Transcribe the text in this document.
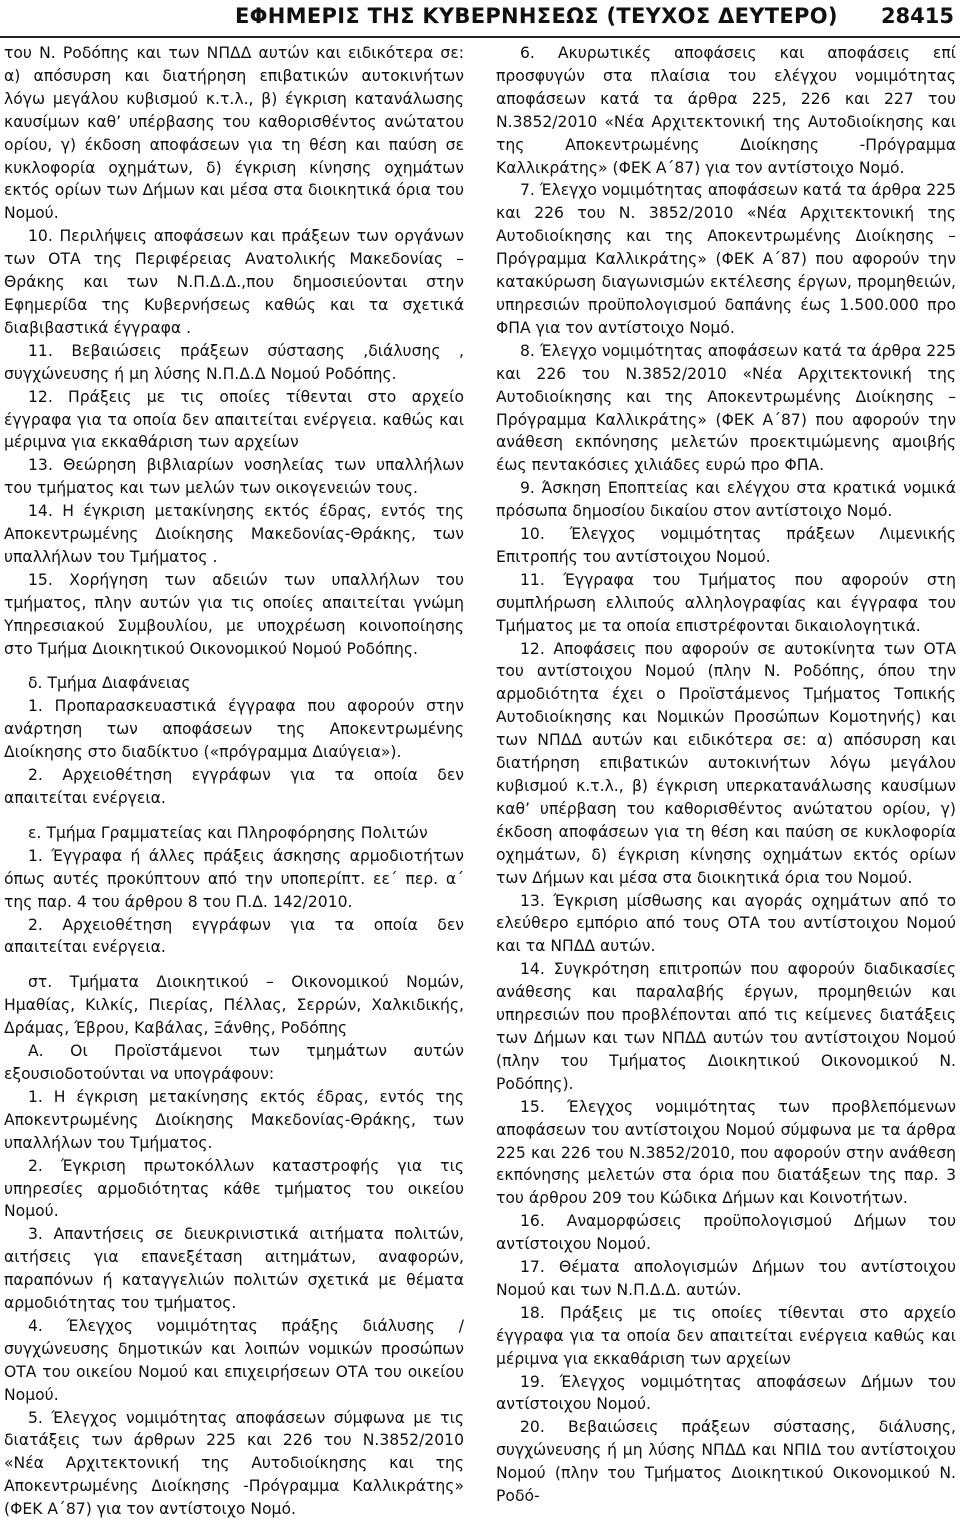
ΕΦΗΜΕΡΙΣ ΤΗΣ ΚΥΒΕΡΝΗΣΕΩΣ (ΤΕΥΧΟΣ ΔΕΥΤΕΡΟ) 28415

του Ν. Ροδόπης και των ΝΠΔΔ αυτών και ειδικότερα σε: α) απόσυρση και διατήρηση επιβατικών αυτοκινήτων λόγω μεγάλου κυβισμού κ.τ.λ., β) έγκριση κατανάλωσης καυσίμων καθ’ υπέρβασης του καθορισθέντος ανώτατου ορίου, γ) έκδοση αποφάσεων για τη θέση και παύση σε κυκλοφορία οχημάτων, δ) έγκριση κίνησης οχημάτων εκτός ορίων των Δήμων και μέσα στα διοικητικά όρια του Νομού.

10. Περιλήψεις αποφάσεων και πράξεων των οργάνων των ΟΤΑ της Περιφέρειας Ανατολικής Μακεδονίας – Θράκης και των Ν.Π.Δ.Δ.,που δημοσιεύονται στην Εφημερίδα της Κυβερνήσεως καθώς και τα σχετικά διαβιβαστικά έγγραφα .

11. Βεβαιώσεις πράξεων σύστασης ,διάλυσης , συγχώνευσης ή μη λύσης Ν.Π.Δ.Δ Νομού Ροδόπης.

12. Πράξεις με τις οποίες τίθενται στο αρχείο έγγραφα για τα οποία δεν απαιτείται ενέργεια. καθώς και μέριμνα για εκκαθάριση των αρχείων

13. Θεώρηση βιβλιαρίων νοσηλείας των υπαλλήλων του τμήματος και των μελών των οικογενειών τους.

14. Η έγκριση μετακίνησης εκτός έδρας, εντός της Αποκεντρωμένης Διοίκησης Μακεδονίας-Θράκης, των υπαλλήλων του Τμήματος .

15. Χορήγηση των αδειών των υπαλλήλων του τμήματος, πλην αυτών για τις οποίες απαιτείται γνώμη Υπηρεσιακού Συμβουλίου, με υποχρέωση κοινοποίησης στο Τμήμα Διοικητικού Οικονομικού Νομού Ροδόπης.

δ. Τμήμα Διαφάνειας

1. Προπαρασκευαστικά έγγραφα που αφορούν στην ανάρτηση των αποφάσεων της Αποκεντρωμένης Διοίκησης στο διαδίκτυο («πρόγραμμα Διαύγεια»).

2. Αρχειοθέτηση εγγράφων για τα οποία δεν απαιτείται ενέργεια.

ε. Τμήμα Γραμματείας και Πληροφόρησης Πολιτών

1. Έγγραφα ή άλλες πράξεις άσκησης αρμοδιοτήτων όπως αυτές προκύπτουν από την υποπερίπτ. εε΄ περ. α΄ της παρ. 4 του άρθρου 8 του Π.Δ. 142/2010.

2. Αρχειοθέτηση εγγράφων για τα οποία δεν απαιτείται ενέργεια.

στ. Τμήματα Διοικητικού – Οικονομικού Νομών, Ημαθίας, Κιλκίς, Πιερίας, Πέλλας, Σερρών, Χαλκιδικής, Δράμας, Έβρου, Καβάλας, Ξάνθης, Ροδόπης

Α. Οι Προϊστάμενοι των τμημάτων αυτών εξουσιοδοτούνται να υπογράφουν:

1. Η έγκριση μετακίνησης εκτός έδρας, εντός της Αποκεντρωμένης Διοίκησης Μακεδονίας-Θράκης, των υπαλλήλων του Τμήματος.

2. Έγκριση πρωτοκόλλων καταστροφής για τις υπηρεσίες αρμοδιότητας κάθε τμήματος του οικείου Νομού.

3. Απαντήσεις σε διευκρινιστικά αιτήματα πολιτών, αιτήσεις για επανεξέταση αιτημάτων, αναφορών, παραπόνων ή καταγγελιών πολιτών σχετικά με θέματα αρμοδιότητας του τμήματος.

4. Έλεγχος νομιμότητας πράξης διάλυσης / συγχώνευσης δημοτικών και λοιπών νομικών προσώπων ΟΤΑ του οικείου Νομού και επιχειρήσεων ΟΤΑ του οικείου Νομού.

5. Έλεγχος νομιμότητας αποφάσεων σύμφωνα με τις διατάξεις των άρθρων 225 και 226 του Ν.3852/2010 «Νέα Αρχιτεκτονική της Αυτοδιοίκησης και της Αποκεντρωμένης Διοίκησης -Πρόγραμμα Καλλικράτης» (ΦΕΚ Α΄87) για τον αντίστοιχο Νομό.

6. Ακυρωτικές αποφάσεις και αποφάσεις επί προσφυγών στα πλαίσια του ελέγχου νομιμότητας αποφάσεων κατά τα άρθρα 225, 226 και 227 του Ν.3852/2010 «Νέα Αρχιτεκτονική της Αυτοδιοίκησης και της Αποκεντρωμένης Διοίκησης -Πρόγραμμα Καλλικράτης» (ΦΕΚ Α΄87) για τον αντίστοιχο Νομό.

7. Έλεγχο νομιμότητας αποφάσεων κατά τα άρθρα 225 και 226 του Ν. 3852/2010 «Νέα Αρχιτεκτονική της Αυτοδιοίκησης και της Αποκεντρωμένης Διοίκησης – Πρόγραμμα Καλλικράτης» (ΦΕΚ Α΄87) που αφορούν την κατακύρωση διαγωνισμών εκτέλεσης έργων, προμηθειών, υπηρεσιών προϋπολογισμού δαπάνης έως 1.500.000 προ ΦΠΑ για τον αντίστοιχο Νομό.

8. Έλεγχο νομιμότητας αποφάσεων κατά τα άρθρα 225 και 226 του Ν.3852/2010 «Νέα Αρχιτεκτονική της Αυτοδιοίκησης και της Αποκεντρωμένης Διοίκησης – Πρόγραμμα Καλλικράτης» (ΦΕΚ Α΄87) που αφορούν την ανάθεση εκπόνησης μελετών προεκτιμώμενης αμοιβής έως πεντακόσιες χιλιάδες ευρώ προ ΦΠΑ.

9. Άσκηση Εποπτείας και ελέγχου στα κρατικά νομικά πρόσωπα δημοσίου δικαίου στον αντίστοιχο Νομό.

10. Έλεγχος νομιμότητας πράξεων Λιμενικής Επιτροπής του αντίστοιχου Νομού.

11. Έγγραφα του Τμήματος που αφορούν στη συμπλήρωση ελλιπούς αλληλογραφίας και έγγραφα του Τμήματος με τα οποία επιστρέφονται δικαιολογητικά.

12. Αποφάσεις που αφορούν σε αυτοκίνητα των ΟΤΑ του αντίστοιχου Νομού (πλην Ν. Ροδόπης, όπου την αρμοδιότητα έχει ο Προϊστάμενος Τμήματος Τοπικής Αυτοδιοίκησης και Νομικών Προσώπων Κομοτηνής) και των ΝΠΔΔ αυτών και ειδικότερα σε: α) απόσυρση και διατήρηση επιβατικών αυτοκινήτων λόγω μεγάλου κυβισμού κ.τ.λ., β) έγκριση υπερκατανάλωσης καυσίμων καθ’ υπέρβαση του καθορισθέντος ανώτατου ορίου, γ) έκδοση αποφάσεων για τη θέση και παύση σε κυκλοφορία οχημάτων, δ) έγκριση κίνησης οχημάτων εκτός ορίων των Δήμων και μέσα στα διοικητικά όρια του Νομού.

13. Έγκριση μίσθωσης και αγοράς οχημάτων από το ελεύθερο εμπόριο από τους ΟΤΑ του αντίστοιχου Νομού και τα ΝΠΔΔ αυτών.

14. Συγκρότηση επιτροπών που αφορούν διαδικασίες ανάθεσης και παραλαβής έργων, προμηθειών και υπηρεσιών που προβλέπονται από τις κείμενες διατάξεις των Δήμων και των ΝΠΔΔ αυτών του αντίστοιχου Νομού (πλην του Τμήματος Διοικητικού Οικονομικού Ν. Ροδόπης).

15. Έλεγχος νομιμότητας των προβλεπόμενων αποφάσεων του αντίστοιχου Νομού σύμφωνα με τα άρθρα 225 και 226 του Ν.3852/2010, που αφορούν στην ανάθεση εκπόνησης μελετών στα όρια που διατάξεων της παρ. 3 του άρθρου 209 του Κώδικα Δήμων και Κοινοτήτων.

16. Αναμορφώσεις προϋπολογισμού Δήμων του αντίστοιχου Νομού.

17. Θέματα απολογισμών Δήμων του αντίστοιχου Νομού και των Ν.Π.Δ.Δ. αυτών.

18. Πράξεις με τις οποίες τίθενται στο αρχείο έγγραφα για τα οποία δεν απαιτείται ενέργεια καθώς και μέριμνα για εκκαθάριση των αρχείων

19. Έλεγχος νομιμότητας αποφάσεων Δήμων του αντίστοιχου Νομού.

20. Βεβαιώσεις πράξεων σύστασης, διάλυσης, συγχώνευσης ή μη λύσης ΝΠΔΔ και ΝΠΙΔ του αντίστοιχου Νομού (πλην του Τμήματος Διοικητικού Οικονομικού Ν. Ροδό-
